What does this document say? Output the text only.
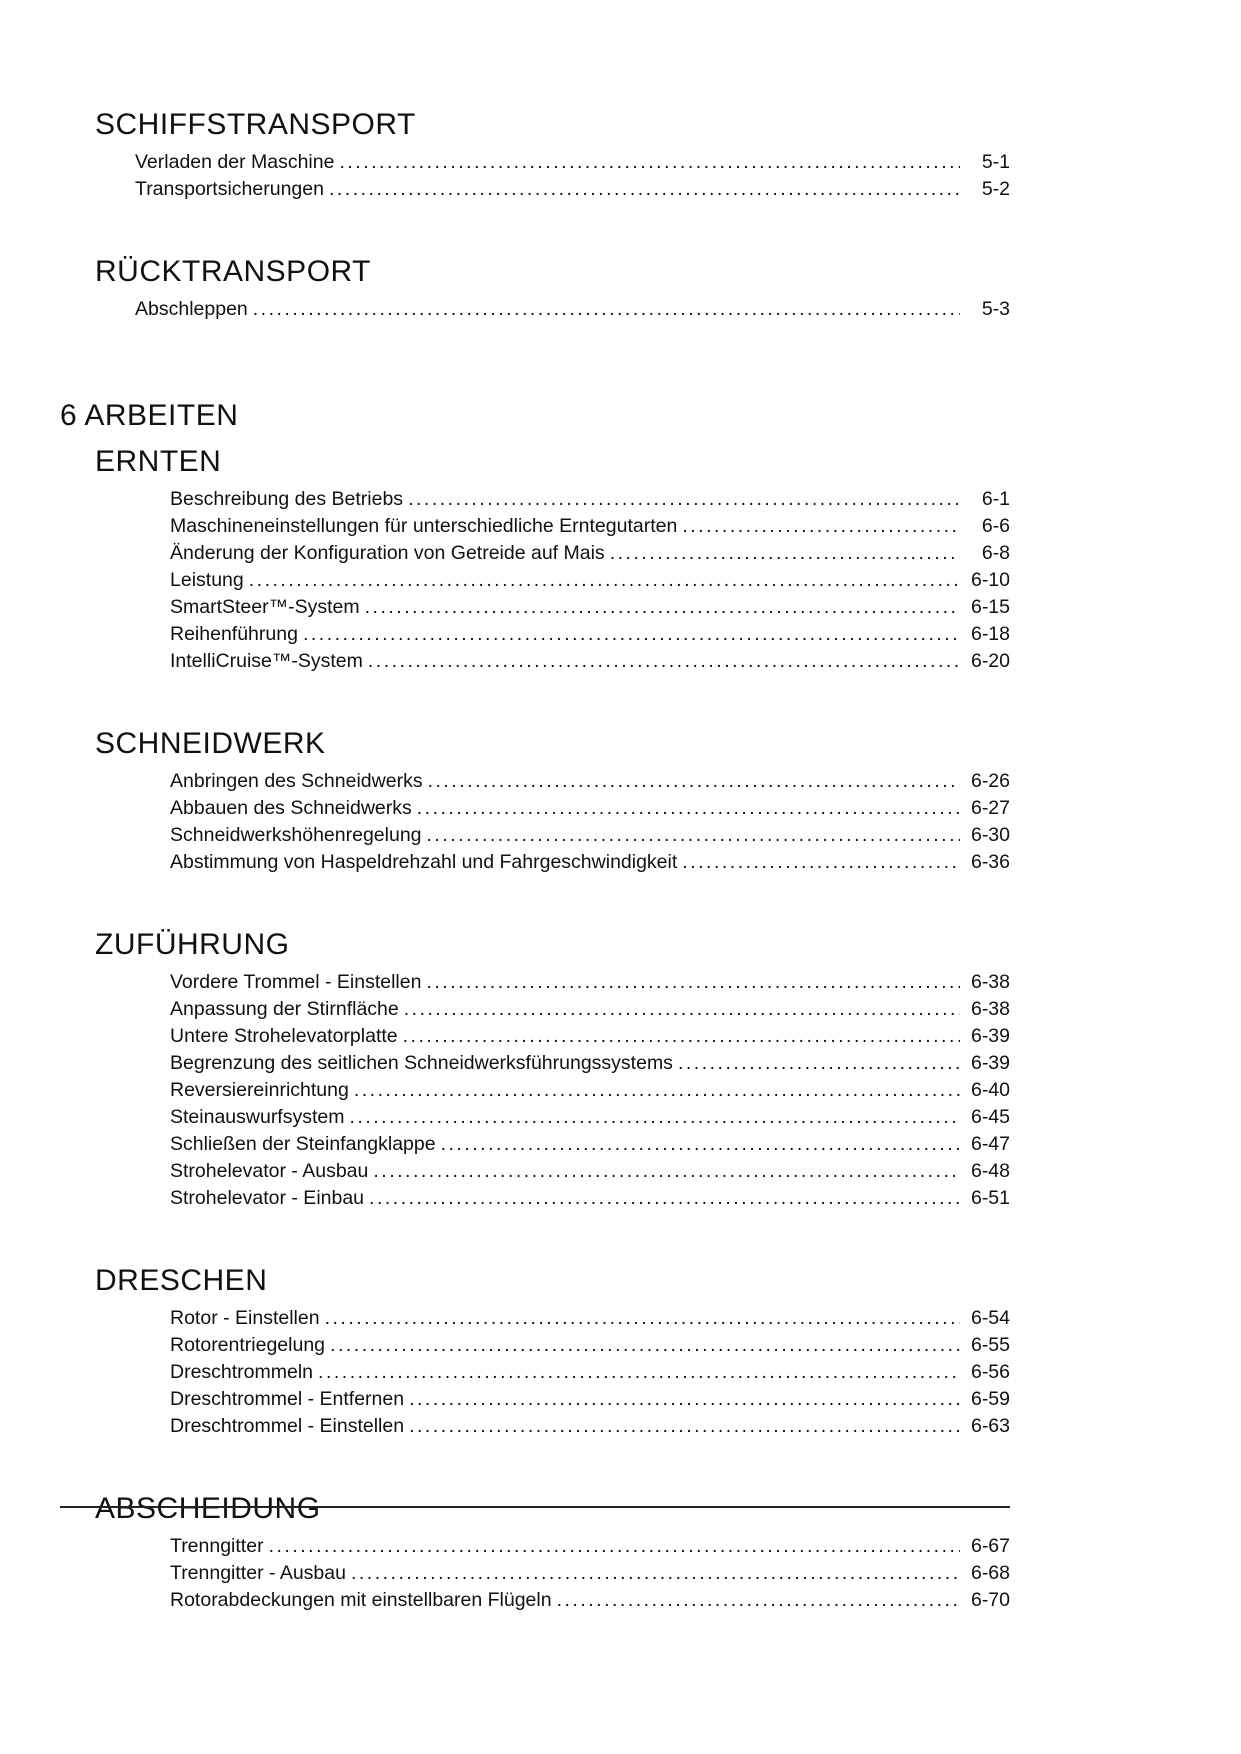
SCHIFFSTRANSPORT
Verladen der Maschine .....	5-1
Transportsicherungen .....	5-2
RÜCKTRANSPORT
Abschleppen .....	5-3
6 ARBEITEN
ERNTEN
Beschreibung des Betriebs .....	6-1
Maschineneinstellungen für unterschiedliche Erntegutarten .....	6-6
Änderung der Konfiguration von Getreide auf Mais .....	6-8
Leistung .....	6-10
SmartSteer™-System .....	6-15
Reihenführung .....	6-18
IntelliCruise™-System .....	6-20
SCHNEIDWERK
Anbringen des Schneidwerks .....	6-26
Abbauen des Schneidwerks .....	6-27
Schneidwerkshöhenregelung .....	6-30
Abstimmung von Haspeldrehzahl und Fahrgeschwindigkeit .....	6-36
ZUFÜHRUNG
Vordere Trommel - Einstellen .....	6-38
Anpassung der Stirnfläche .....	6-38
Untere Strohelevatorplatte .....	6-39
Begrenzung des seitlichen Schneidwerksführungssystems .....	6-39
Reversiereinrichtung .....	6-40
Steinauswurfsystem .....	6-45
Schließen der Steinfangklappe .....	6-47
Strohelevator - Ausbau .....	6-48
Strohelevator - Einbau .....	6-51
DRESCHEN
Rotor - Einstellen .....	6-54
Rotorentriegelung .....	6-55
Dreschtrommeln .....	6-56
Dreschtrommel - Entfernen .....	6-59
Dreschtrommel - Einstellen .....	6-63
ABSCHEIDUNG
Trenngitter .....	6-67
Trenngitter - Ausbau .....	6-68
Rotorabdeckungen mit einstellbaren Flügeln .....	6-70
